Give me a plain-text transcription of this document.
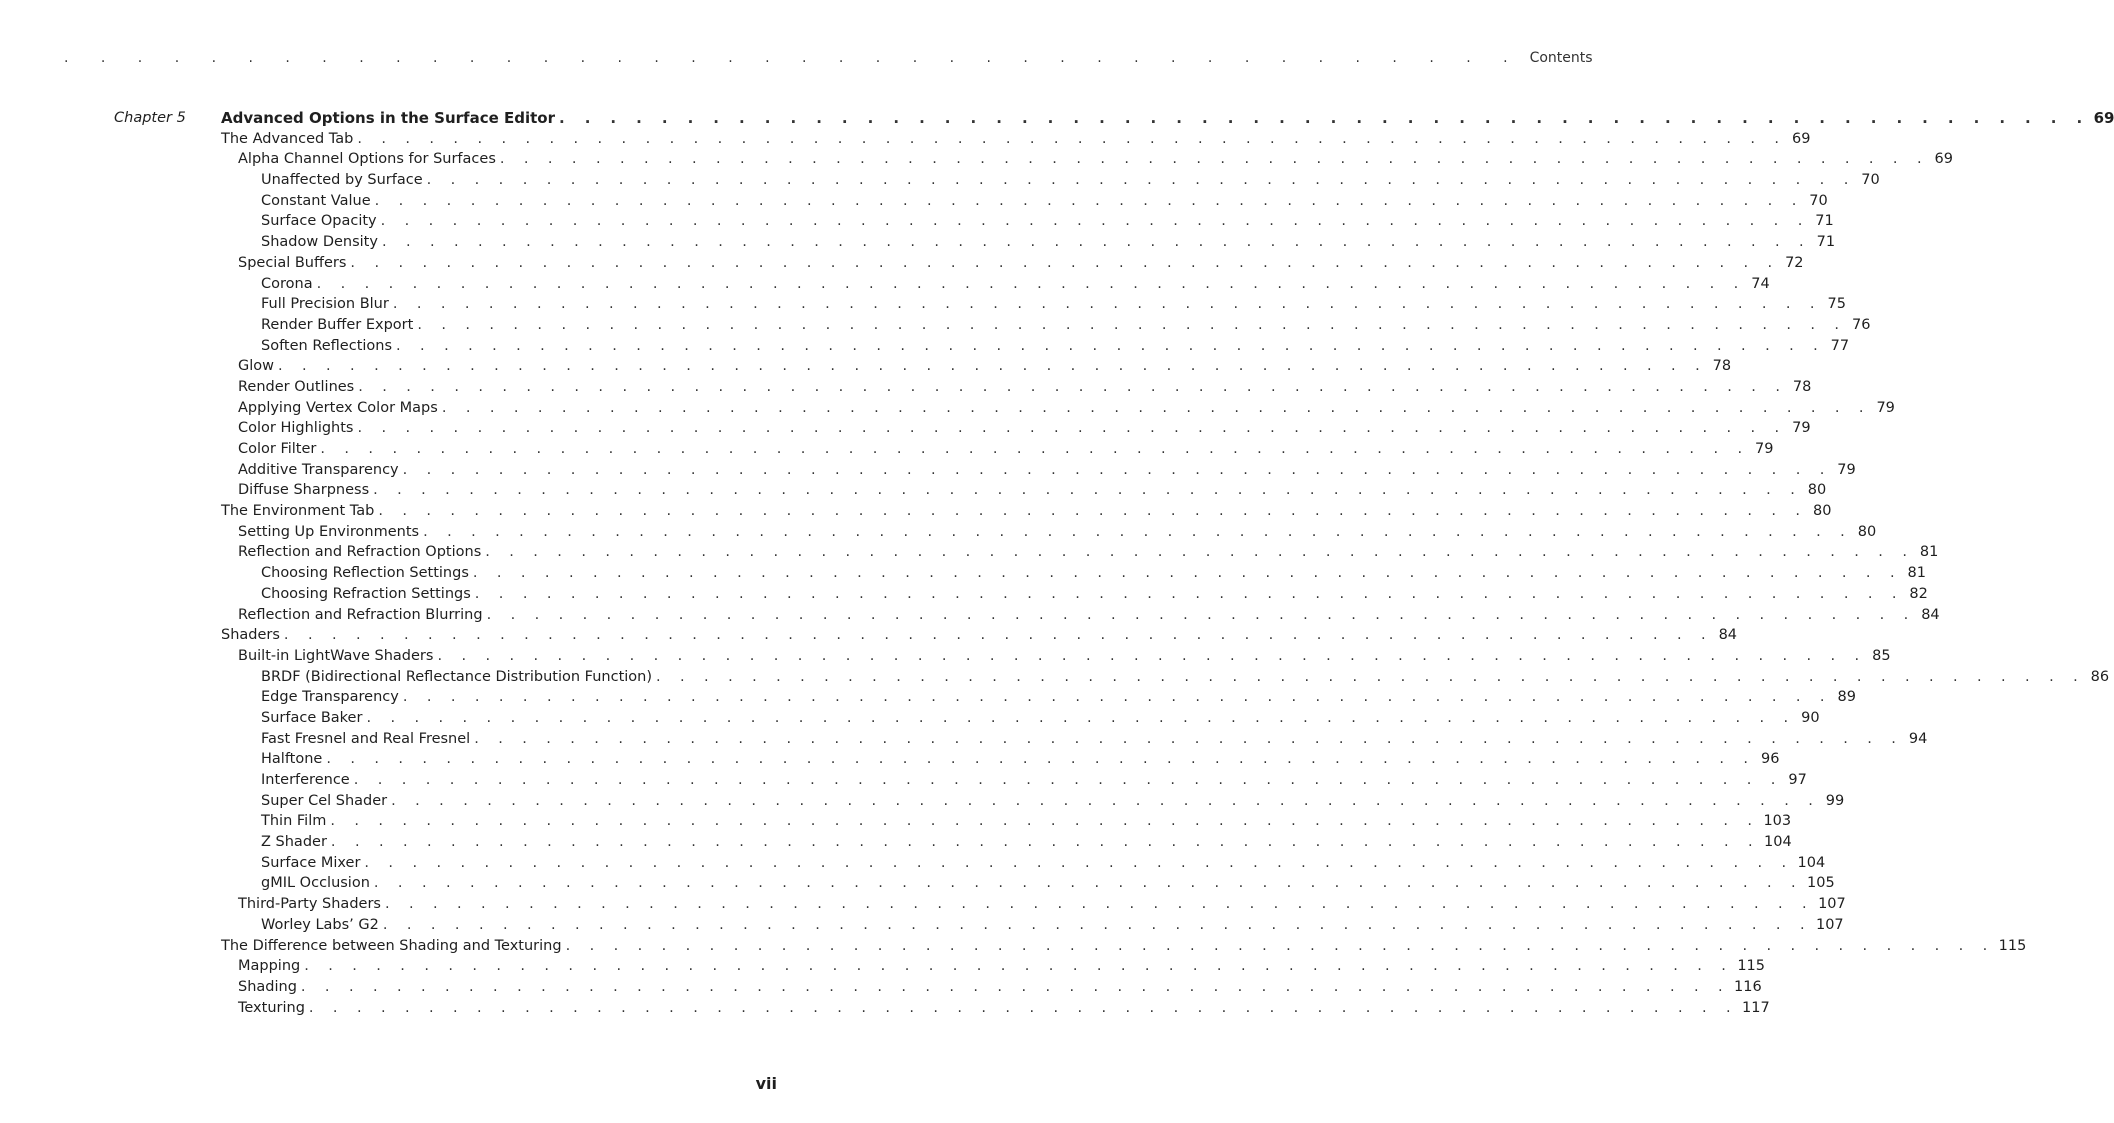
. . . . . . . . . . . . . . . . . . . . . . . . . . . . . . . . . . . . . . . . Contents
Chapter 5	Advanced Options in the Surface Editor . . . . . . . . . . . . . . . . . . . . . . . . . . . . . . . . . . . . . . . . . . . . . . . . . . . . . . . . . . . . 69
The Advanced Tab . . . . . . . . . . . . . . . . . . . . . . . . . . . . . . . . . . . . . . . . . . . . . . . . . . . . . . . . . . . . 69
Alpha Channel Options for Surfaces . . . . . . . . . . . . . . . . . . . . . . . . . . . . . . . . . . . . . . . . . . . . . . . . . . . . . . . . . . . . 69
Unaffected by Surface . . . . . . . . . . . . . . . . . . . . . . . . . . . . . . . . . . . . . . . . . . . . . . . . . . . . . . . . . . . . 70
Constant Value . . . . . . . . . . . . . . . . . . . . . . . . . . . . . . . . . . . . . . . . . . . . . . . . . . . . . . . . . . . . 70
Surface Opacity . . . . . . . . . . . . . . . . . . . . . . . . . . . . . . . . . . . . . . . . . . . . . . . . . . . . . . . . . . . . 71
Shadow Density . . . . . . . . . . . . . . . . . . . . . . . . . . . . . . . . . . . . . . . . . . . . . . . . . . . . . . . . . . . . 71
Special Buffers . . . . . . . . . . . . . . . . . . . . . . . . . . . . . . . . . . . . . . . . . . . . . . . . . . . . . . . . . . . . 72
Corona . . . . . . . . . . . . . . . . . . . . . . . . . . . . . . . . . . . . . . . . . . . . . . . . . . . . . . . . . . . . 74
Full Precision Blur . . . . . . . . . . . . . . . . . . . . . . . . . . . . . . . . . . . . . . . . . . . . . . . . . . . . . . . . . . . . 75
Render Buffer Export . . . . . . . . . . . . . . . . . . . . . . . . . . . . . . . . . . . . . . . . . . . . . . . . . . . . . . . . . . . . 76
Soften Reflections . . . . . . . . . . . . . . . . . . . . . . . . . . . . . . . . . . . . . . . . . . . . . . . . . . . . . . . . . . . . 77
Glow . . . . . . . . . . . . . . . . . . . . . . . . . . . . . . . . . . . . . . . . . . . . . . . . . . . . . . . . . . . . 78
Render Outlines . . . . . . . . . . . . . . . . . . . . . . . . . . . . . . . . . . . . . . . . . . . . . . . . . . . . . . . . . . . . 78
Applying Vertex Color Maps . . . . . . . . . . . . . . . . . . . . . . . . . . . . . . . . . . . . . . . . . . . . . . . . . . . . . . . . . . . . 79
Color Highlights . . . . . . . . . . . . . . . . . . . . . . . . . . . . . . . . . . . . . . . . . . . . . . . . . . . . . . . . . . . . 79
Color Filter . . . . . . . . . . . . . . . . . . . . . . . . . . . . . . . . . . . . . . . . . . . . . . . . . . . . . . . . . . . . 79
Additive Transparency . . . . . . . . . . . . . . . . . . . . . . . . . . . . . . . . . . . . . . . . . . . . . . . . . . . . . . . . . . . . 79
Diffuse Sharpness . . . . . . . . . . . . . . . . . . . . . . . . . . . . . . . . . . . . . . . . . . . . . . . . . . . . . . . . . . . . 80
The Environment Tab . . . . . . . . . . . . . . . . . . . . . . . . . . . . . . . . . . . . . . . . . . . . . . . . . . . . . . . . . . . . 80
Setting Up Environments . . . . . . . . . . . . . . . . . . . . . . . . . . . . . . . . . . . . . . . . . . . . . . . . . . . . . . . . . . . . 80
Reflection and Refraction Options . . . . . . . . . . . . . . . . . . . . . . . . . . . . . . . . . . . . . . . . . . . . . . . . . . . . . . . . . . . . 81
Choosing Reflection Settings . . . . . . . . . . . . . . . . . . . . . . . . . . . . . . . . . . . . . . . . . . . . . . . . . . . . . . . . . . . . 81
Choosing Refraction Settings . . . . . . . . . . . . . . . . . . . . . . . . . . . . . . . . . . . . . . . . . . . . . . . . . . . . . . . . . . . . 82
Reflection and Refraction Blurring . . . . . . . . . . . . . . . . . . . . . . . . . . . . . . . . . . . . . . . . . . . . . . . . . . . . . . . . . . . . 84
Shaders . . . . . . . . . . . . . . . . . . . . . . . . . . . . . . . . . . . . . . . . . . . . . . . . . . . . . . . . . . . . 84
Built-in LightWave Shaders . . . . . . . . . . . . . . . . . . . . . . . . . . . . . . . . . . . . . . . . . . . . . . . . . . . . . . . . . . . . 85
BRDF (Bidirectional Reflectance Distribution Function) . . . . . . . . . . . . . . . . . . . . . . . . . . . . . . . . . . . . . . . . . . . . . . . . . . . . . . . . . . . . 86
Edge Transparency . . . . . . . . . . . . . . . . . . . . . . . . . . . . . . . . . . . . . . . . . . . . . . . . . . . . . . . . . . . . 89
Surface Baker . . . . . . . . . . . . . . . . . . . . . . . . . . . . . . . . . . . . . . . . . . . . . . . . . . . . . . . . . . . . 90
Fast Fresnel and Real Fresnel . . . . . . . . . . . . . . . . . . . . . . . . . . . . . . . . . . . . . . . . . . . . . . . . . . . . . . . . . . . . 94
Halftone . . . . . . . . . . . . . . . . . . . . . . . . . . . . . . . . . . . . . . . . . . . . . . . . . . . . . . . . . . . . 96
Interference . . . . . . . . . . . . . . . . . . . . . . . . . . . . . . . . . . . . . . . . . . . . . . . . . . . . . . . . . . . . 97
Super Cel Shader . . . . . . . . . . . . . . . . . . . . . . . . . . . . . . . . . . . . . . . . . . . . . . . . . . . . . . . . . . . . 99
Thin Film . . . . . . . . . . . . . . . . . . . . . . . . . . . . . . . . . . . . . . . . . . . . . . . . . . . . . . . . . . . . 103
Z Shader . . . . . . . . . . . . . . . . . . . . . . . . . . . . . . . . . . . . . . . . . . . . . . . . . . . . . . . . . . . . 104
Surface Mixer . . . . . . . . . . . . . . . . . . . . . . . . . . . . . . . . . . . . . . . . . . . . . . . . . . . . . . . . . . . . 104
gMIL Occlusion . . . . . . . . . . . . . . . . . . . . . . . . . . . . . . . . . . . . . . . . . . . . . . . . . . . . . . . . . . . . 105
Third-Party Shaders . . . . . . . . . . . . . . . . . . . . . . . . . . . . . . . . . . . . . . . . . . . . . . . . . . . . . . . . . . . . 107
Worley Labs’ G2 . . . . . . . . . . . . . . . . . . . . . . . . . . . . . . . . . . . . . . . . . . . . . . . . . . . . . . . . . . . . 107
The Difference between Shading and Texturing . . . . . . . . . . . . . . . . . . . . . . . . . . . . . . . . . . . . . . . . . . . . . . . . . . . . . . . . . . . . 115
Mapping . . . . . . . . . . . . . . . . . . . . . . . . . . . . . . . . . . . . . . . . . . . . . . . . . . . . . . . . . . . . 115
Shading . . . . . . . . . . . . . . . . . . . . . . . . . . . . . . . . . . . . . . . . . . . . . . . . . . . . . . . . . . . . 116
Texturing . . . . . . . . . . . . . . . . . . . . . . . . . . . . . . . . . . . . . . . . . . . . . . . . . . . . . . . . . . . . 117
vii
